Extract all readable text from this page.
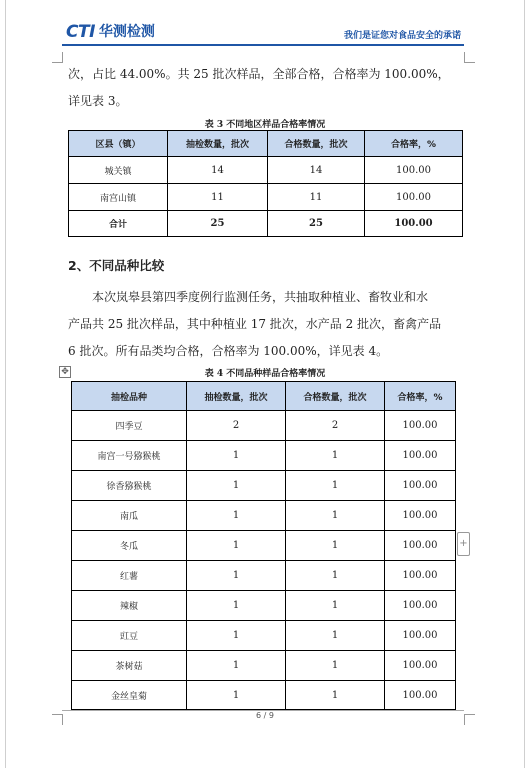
CTI 华测检测	我们是证您对食品安全的承诺
次，占比 44.00%。共 25 批次样品，全部合格，合格率为 100.00%，
详见表 3。
表 3 不同地区样品合格率情况
区县（镇）	抽检数量，批次	合格数量，批次	合格率，%
城关镇	14	14	100.00
南宫山镇	11	11	100.00
合计	25	25	100.00
2、不同品种比较
本次岚皋县第四季度例行监测任务，共抽取种植业、畜牧业和水
产品共 25 批次样品，其中种植业 17 批次，水产品 2 批次，畜禽产品
6 批次。所有品类均合格，合格率为 100.00%，详见表 4。
✥	表 4 不同品种样品合格率情况
抽检品种	抽检数量，批次	合格数量，批次	合格率，%
四季豆	2	2	100.00
南宫一号猕猴桃	1	1	100.00
徐香猕猴桃	1	1	100.00
南瓜	1	1	100.00
冬瓜	1	1	100.00
红薯	1	1	100.00
辣椒	1	1	100.00
豇豆	1	1	100.00
茶树菇	1	1	100.00
金丝皇菊	1	1	100.00
+
6 / 9
